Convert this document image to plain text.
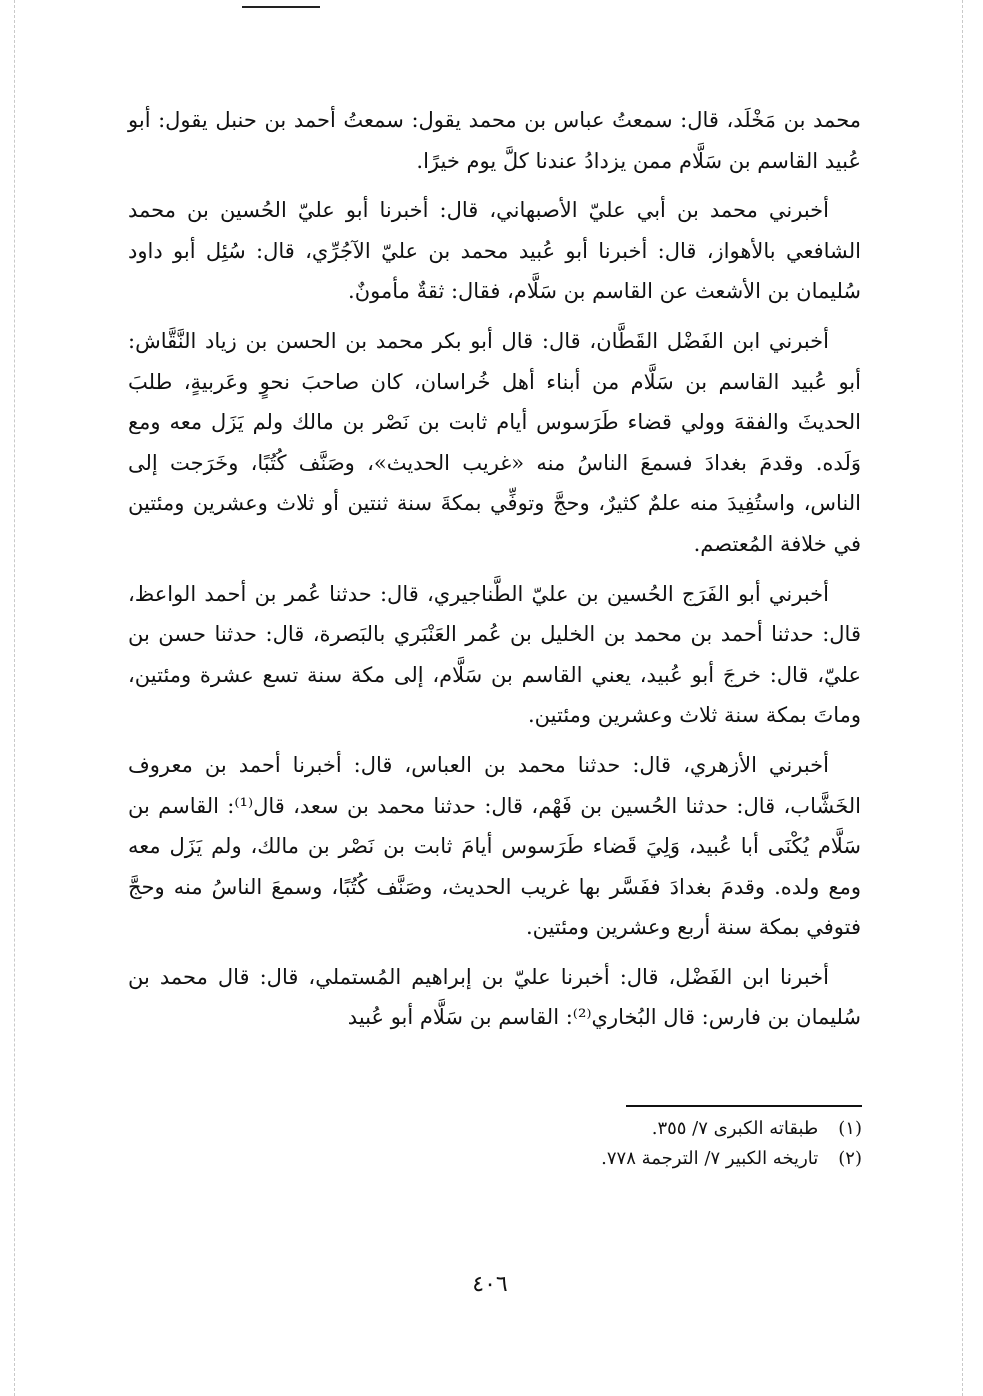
محمد بن مَخْلَد، قال: سمعتُ عباس بن محمد يقول: سمعتُ أحمد بن حنبل يقول: أبو عُبيد القاسم بن سَلَّام ممن يزدادُ عندنا كلَّ يوم خيرًا.

أخبرني محمد بن أبي عليّ الأصبهاني، قال: أخبرنا أبو عليّ الحُسين بن محمد الشافعي بالأهواز، قال: أخبرنا أبو عُبيد محمد بن عليّ الآجُرِّي، قال: سُئِل أبو داود سُليمان بن الأشعث عن القاسم بن سَلَّام، فقال: ثقةٌ مأمونٌ.

أخبرني ابن الفَضْل القَطَّان، قال: قال أبو بكر محمد بن الحسن بن زياد النَّقَّاش: أبو عُبيد القاسم بن سَلَّام من أبناء أهل خُراسان، كان صاحبَ نحوٍ وعَربيةٍ، طلبَ الحديثَ والفقهَ وولي قضاء طَرَسوس أيام ثابت بن نَصْر بن مالك ولم يَزَل معه ومع وَلَده. وقدمَ بغدادَ فسمعَ الناسُ منه «غريب الحديث»، وصَنَّف كُتُبًا، وخَرَجت إلى الناس، واستُفِيدَ منه علمٌ كثيرٌ، وحجَّ وتوفِّي بمكةَ سنة ثنتين أو ثلاث وعشرين ومئتين في خلافة المُعتصم.

أخبرني أبو الفَرَج الحُسين بن عليّ الطَّناجيري، قال: حدثنا عُمر بن أحمد الواعظ، قال: حدثنا أحمد بن محمد بن الخليل بن عُمر العَنْبَري بالبَصرة، قال: حدثنا حسن بن عليّ، قال: خرجَ أبو عُبيد، يعني القاسم بن سَلَّام، إلى مكة سنة تسع عشرة ومئتين، وماتَ بمكة سنة ثلاث وعشرين ومئتين.

أخبرني الأزهري، قال: حدثنا محمد بن العباس، قال: أخبرنا أحمد بن معروف الخَشَّاب، قال: حدثنا الحُسين بن فَهْم، قال: حدثنا محمد بن سعد، قال⁽¹⁾: القاسم بن سَلَّام يُكْنَى أبا عُبيد، وَلِيَ قَضاء طَرَسوس أيامَ ثابت بن نَصْر بن مالك، ولم يَزَل معه ومع ولده. وقدمَ بغدادَ ففَسَّر بها غريب الحديث، وصَنَّف كُتُبًا، وسمعَ الناسُ منه وحجَّ فتوفي بمكة سنة أربع وعشرين ومئتين.

أخبرنا ابن الفَضْل، قال: أخبرنا عليّ بن إبراهيم المُستملي، قال: قال محمد بن سُليمان بن فارس: قال البُخاري⁽²⁾: القاسم بن سَلَّام أبو عُبيد

(١) طبقاته الكبرى ٧/ ٣٥٥.
(٢) تاريخه الكبير ٧/ الترجمة ٧٧٨.
٤٠٦
